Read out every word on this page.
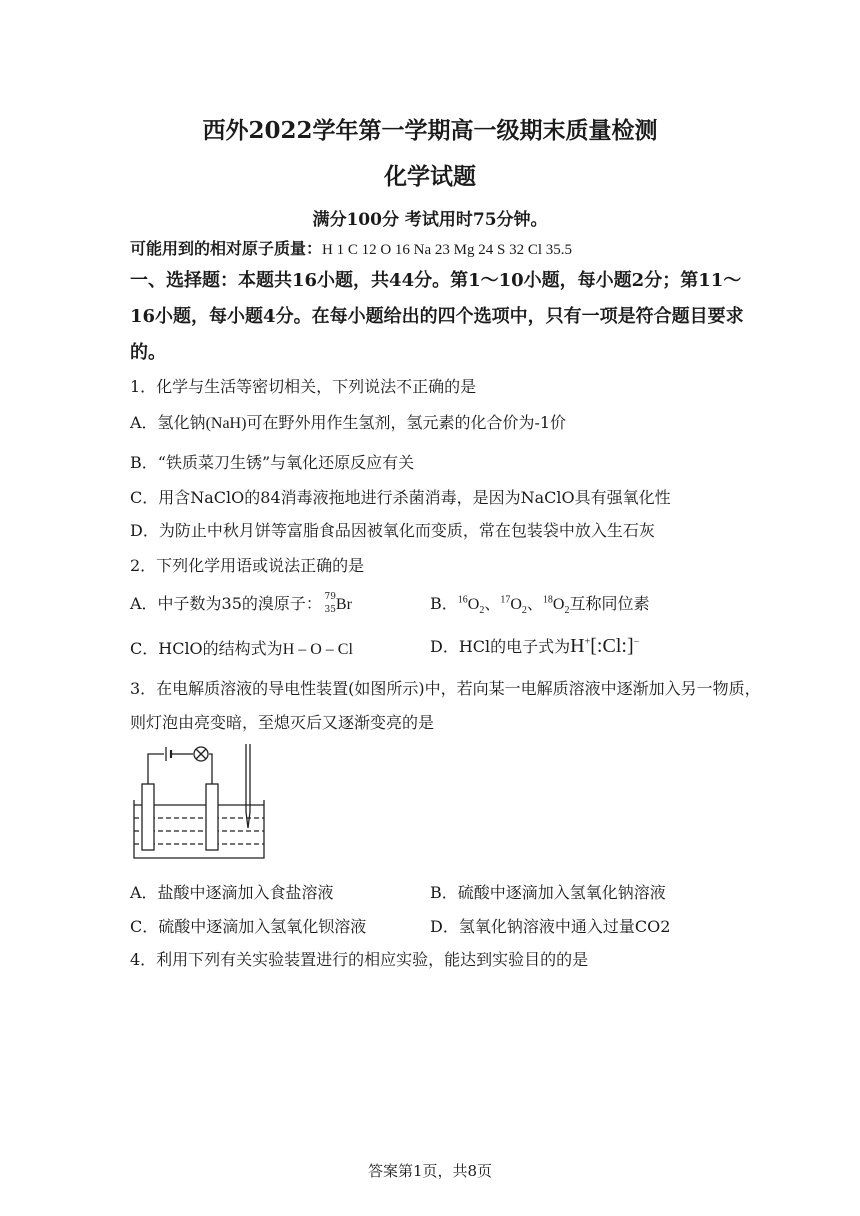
西外2022学年第一学期高一级期末质量检测
化学试题
满分100分 考试用时75分钟。
可能用到的相对原子质量：H 1 C 12 O 16 Na 23 Mg 24 S 32 Cl 35.5
一、选择题：本题共16小题，共44分。第1～10小题，每小题2分；第11～
16小题，每小题4分。在每小题给出的四个选项中，只有一项是符合题目要求
的。
1．化学与生活等密切相关，下列说法不正确的是
A．氢化钠(NaH)可在野外用作生氢剂，氢元素的化合价为-1价
B．“铁质菜刀生锈”与氧化还原反应有关
C．用含NaClO的84消毒液拖地进行杀菌消毒，是因为NaClO具有强氧化性
D．为防止中秋月饼等富脂食品因被氧化而变质，常在包装袋中放入生石灰
2．下列化学用语或说法正确的是
A．中子数为35的溴原子： 79
35 Br	B．$^{16}O_2$、$^{17}O_2$、$^{18}O_2$互称同位素
C．HClO的结构式为H – O – Cl	D．HCl的电子式为H+[:Cl:]−
3．在电解质溶液的导电性装置(如图所示)中，若向某一电解质溶液中逐渐加入另一物质，
则灯泡由亮变暗，至熄灭后又逐渐变亮的是
A．盐酸中逐滴加入食盐溶液	B．硫酸中逐滴加入氢氧化钠溶液
C．硫酸中逐滴加入氢氧化钡溶液	D．氢氧化钠溶液中通入过量CO2
4．利用下列有关实验装置进行的相应实验，能达到实验目的的是
答案第1页，共8页
